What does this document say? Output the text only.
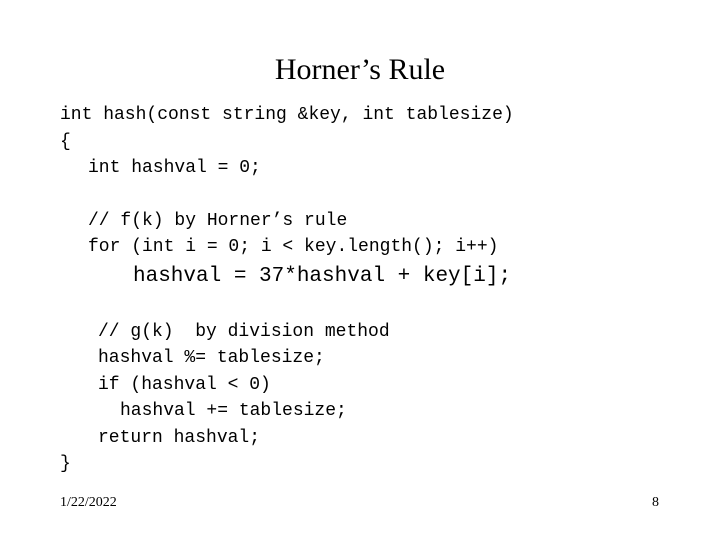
Horner’s Rule
int hash(const string &key, int tablesize)
{
int hashval = 0;
// f(k) by Horner’s rule
for (int i = 0; i < key.length(); i++)
hashval = 37*hashval + key[i];
// g(k)  by division method
hashval %= tablesize;
if (hashval < 0)
hashval += tablesize;
return hashval;
}
1/22/2022	8
